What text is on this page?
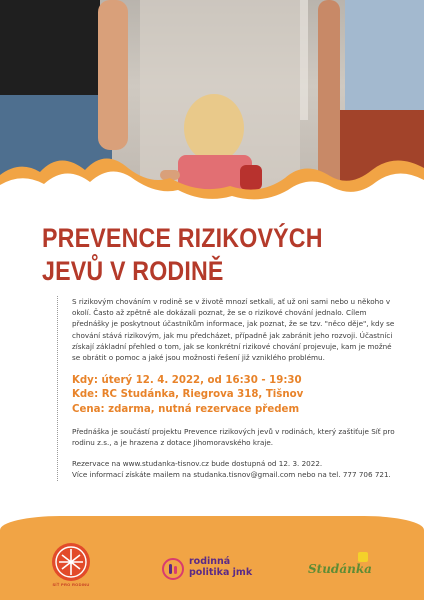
PREVENCE RIZIKOVÝCH
JEVŮ V RODINĚ

S rizikovým chováním v rodině se v životě mnozí setkali, ať už oni sami nebo u někoho v okolí. Často až zpětně ale dokázali poznat, že se o rizikové chování jednalo. Cílem přednášky je poskytnout účastníkům informace, jak poznat, že se tzv. "něco děje", kdy se chování stává rizikovým, jak mu předcházet, případně jak zabránit jeho rozvoji. Účastníci získají základní přehled o tom, jak se konkrétní rizikové chování projevuje, kam je možné se obrátit o pomoc a jaké jsou možnosti řešení již vzniklého problému.

Kdy: úterý 12. 4. 2022, od 16:30 - 19:30
Kde: RC Studánka, Riegrova 318, Tišnov
Cena: zdarma, nutná rezervace předem

Přednáška je součástí projektu Prevence rizikových jevů v rodinách, který zaštiťuje Síť pro rodinu z.s., a je hrazena z dotace Jihomoravského kraje.

Rezervace na www.studanka-tisnov.cz bude dostupná od 12. 3. 2022.
Více informací získáte mailem na studanka.tisnov@gmail.com nebo na tel. 777 706 721.
SÍŤ PRO RODINU
rodinná
politika jmk	Studánka
